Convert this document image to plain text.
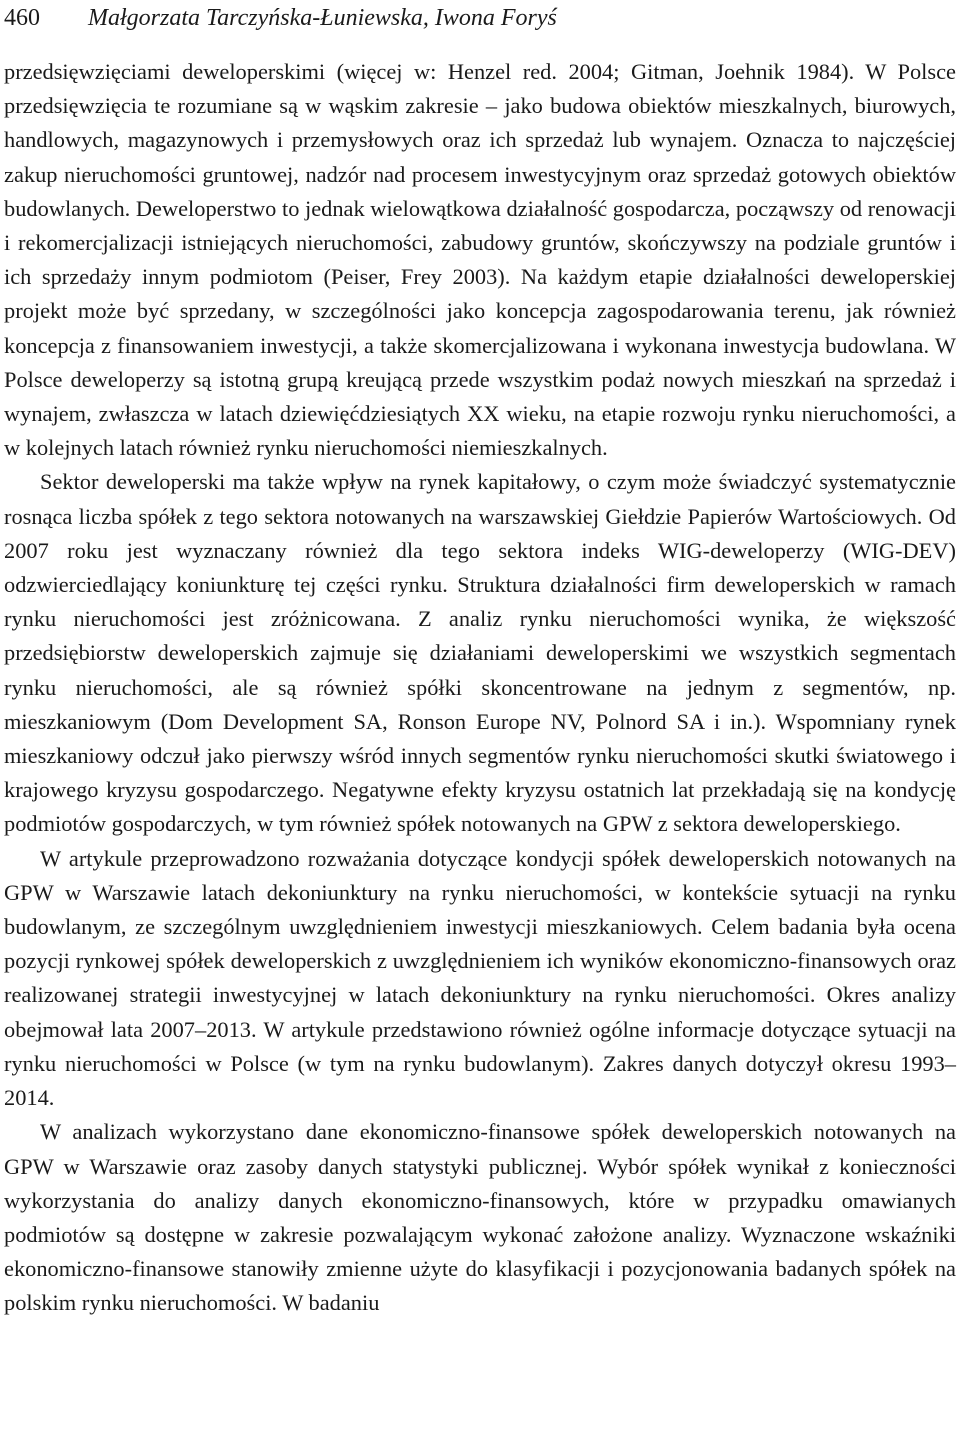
460 Małgorzata Tarczyńska-Łuniewska, Iwona Foryś

przedsięwzięciami deweloperskimi (więcej w: Henzel red. 2004; Gitman, Joehnik 1984). W Polsce przedsięwzięcia te rozumiane są w wąskim zakresie – jako budowa obiektów mieszkalnych, biurowych, handlowych, magazynowych i przemysłowych oraz ich sprzedaż lub wynajem. Oznacza to najczęściej zakup nieruchomości gruntowej, nadzór nad procesem inwestycyjnym oraz sprzedaż gotowych obiektów budowlanych. Deweloperstwo to jednak wielowątkowa działalność gospodarcza, począwszy od renowacji i rekomercjalizacji istniejących nieruchomości, zabudowy gruntów, skończywszy na podziale gruntów i ich sprzedaży innym podmiotom (Peiser, Frey 2003). Na każdym etapie działalności deweloperskiej projekt może być sprzedany, w szczególności jako koncepcja zagospodarowania terenu, jak również koncepcja z finansowaniem inwestycji, a także skomercjalizowana i wykonana inwestycja budowlana. W Polsce deweloperzy są istotną grupą kreującą przede wszystkim podaż nowych mieszkań na sprzedaż i wynajem, zwłaszcza w latach dziewięćdziesiątych XX wieku, na etapie rozwoju rynku nieruchomości, a w kolejnych latach również rynku nieruchomości niemieszkalnych.

Sektor deweloperski ma także wpływ na rynek kapitałowy, o czym może świadczyć systematycznie rosnąca liczba spółek z tego sektora notowanych na warszawskiej Giełdzie Papierów Wartościowych. Od 2007 roku jest wyznaczany również dla tego sektora indeks WIG-deweloperzy (WIG-DEV) odzwierciedlający koniunkturę tej części rynku. Struktura działalności firm deweloperskich w ramach rynku nieruchomości jest zróżnicowana. Z analiz rynku nieruchomości wynika, że większość przedsiębiorstw deweloperskich zajmuje się działaniami deweloperskimi we wszystkich segmentach rynku nieruchomości, ale są również spółki skoncentrowane na jednym z segmentów, np. mieszkaniowym (Dom Development SA, Ronson Europe NV, Polnord SA i in.). Wspomniany rynek mieszkaniowy odczuł jako pierwszy wśród innych segmentów rynku nieruchomości skutki światowego i krajowego kryzysu gospodarczego. Negatywne efekty kryzysu ostatnich lat przekładają się na kondycję podmiotów gospodarczych, w tym również spółek notowanych na GPW z sektora deweloperskiego.

W artykule przeprowadzono rozważania dotyczące kondycji spółek deweloperskich notowanych na GPW w Warszawie latach dekoniunktury na rynku nieruchomości, w kontekście sytuacji na rynku budowlanym, ze szczególnym uwzględnieniem inwestycji mieszkaniowych. Celem badania była ocena pozycji rynkowej spółek deweloperskich z uwzględnieniem ich wyników ekonomiczno-finansowych oraz realizowanej strategii inwestycyjnej w latach dekoniunktury na rynku nieruchomości. Okres analizy obejmował lata 2007–2013. W artykule przedstawiono również ogólne informacje dotyczące sytuacji na rynku nieruchomości w Polsce (w tym na rynku budowlanym). Zakres danych dotyczył okresu 1993–2014.

W analizach wykorzystano dane ekonomiczno-finansowe spółek deweloperskich notowanych na GPW w Warszawie oraz zasoby danych statystyki publicznej. Wybór spółek wynikał z konieczności wykorzystania do analizy danych ekonomiczno-finansowych, które w przypadku omawianych podmiotów są dostępne w zakresie pozwalającym wykonać założone analizy. Wyznaczone wskaźniki ekonomiczno-finansowe stanowiły zmienne użyte do klasyfikacji i pozycjonowania badanych spółek na polskim rynku nieruchomości. W badaniu
